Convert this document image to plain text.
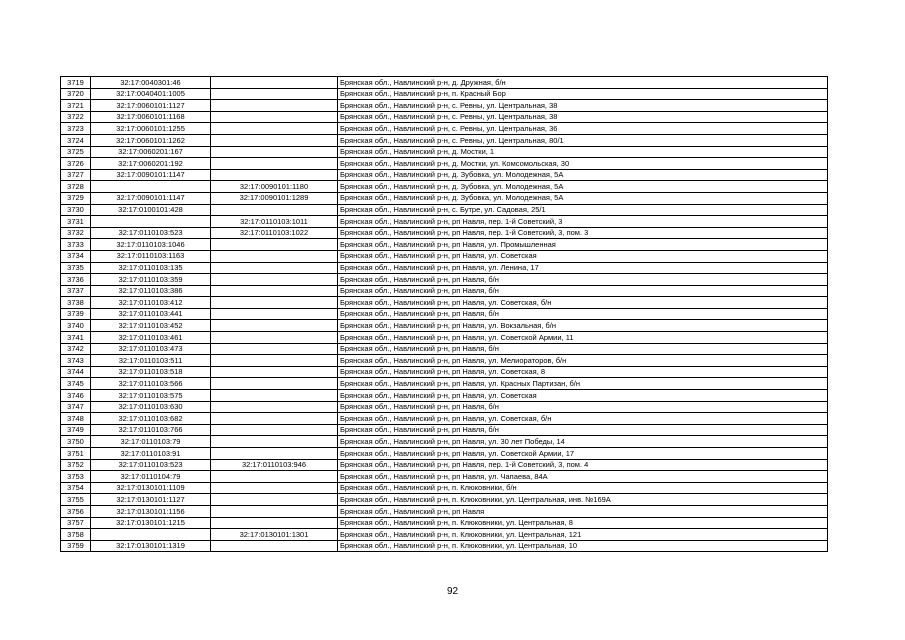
3719	32:17:0040301:46		Брянская обл., Навлинский р-н, д. Дружная, б/н
3720	32:17:0040401:1005		Брянская обл., Навлинский р-н, п. Красный Бор
3721	32:17:0060101:1127		Брянская обл., Навлинский р-н, с. Ревны, ул. Центральная, 38
3722	32:17:0060101:1168		Брянская обл., Навлинский р-н, с. Ревны, ул. Центральная, 38
3723	32:17:0060101:1255		Брянская обл., Навлинский р-н, с. Ревны, ул. Центральная, 36
3724	32:17:0060101:1262		Брянская обл., Навлинский р-н, с. Ревны, ул. Центральная, 80/1
3725	32:17:0060201:167		Брянская обл., Навлинский р-н, д. Мостки, 1
3726	32:17:0060201:192		Брянская обл., Навлинский р-н, д. Мостки, ул. Комсомольская, 30
3727	32:17:0090101:1147		Брянская обл., Навлинский р-н, д. Зубовка, ул. Молодежная, 5А
3728		32:17:0090101:1180	Брянская обл., Навлинский р-н, д. Зубовка, ул. Молодежная, 5А
3729	32:17:0090101:1147	32:17:0090101:1289	Брянская обл., Навлинский р-н, д. Зубовка, ул. Молодежная, 5А
3730	32:17:0100101:428		Брянская обл., Навлинский р-н, с. Бутре, ул. Садовая, 25/1
3731		32:17:0110103:1011	Брянская обл., Навлинский р-н, рп Навля, пер. 1-й Советский, 3
3732	32:17:0110103:523	32:17:0110103:1022	Брянская обл., Навлинский р-н, рп Навля, пер. 1-й Советский, 3, пом. 3
3733	32:17:0110103:1046		Брянская обл., Навлинский р-н, рп Навля, ул. Промышленная
3734	32:17:0110103:1163		Брянская обл., Навлинский р-н, рп Навля, ул. Советская
3735	32:17:0110103:135		Брянская обл., Навлинский р-н, рп Навля, ул. Ленина, 17
3736	32:17:0110103:359		Брянская обл., Навлинский р-н, рп Навля, б/н
3737	32:17:0110103:386		Брянская обл., Навлинский р-н, рп Навля, б/н
3738	32:17:0110103:412		Брянская обл., Навлинский р-н, рп Навля, ул. Советская, б/н
3739	32:17:0110103:441		Брянская обл., Навлинский р-н, рп Навля, б/н
3740	32:17:0110103:452		Брянская обл., Навлинский р-н, рп Навля, ул. Вокзальная, б/н
3741	32:17:0110103:461		Брянская обл., Навлинский р-н, рп Навля, ул. Советской Армии, 11
3742	32:17:0110103:473		Брянская обл., Навлинский р-н, рп Навля, б/н
3743	32:17:0110103:511		Брянская обл., Навлинский р-н, рп Навля, ул. Мелиораторов, б/н
3744	32:17:0110103:518		Брянская обл., Навлинский р-н, рп Навля, ул. Советская, 8
3745	32:17:0110103:566		Брянская обл., Навлинский р-н, рп Навля, ул. Красных Партизан, б/н
3746	32:17:0110103:575		Брянская обл., Навлинский р-н, рп Навля, ул. Советская
3747	32:17:0110103:630		Брянская обл., Навлинский р-н, рп Навля, б/н
3748	32:17:0110103:682		Брянская обл., Навлинский р-н, рп Навля, ул. Советская, б/н
3749	32:17:0110103:766		Брянская обл., Навлинский р-н, рп Навля, б/н
3750	32:17:0110103:79		Брянская обл., Навлинский р-н, рп Навля, ул. 30 лет Победы, 14
3751	32:17:0110103:91		Брянская обл., Навлинский р-н, рп Навля, ул. Советской Армии, 17
3752	32:17:0110103:523	32:17:0110103:946	Брянская обл., Навлинский р-н, рп Навля, пер. 1-й Советский, 3, пом. 4
3753	32:17:0110104:79		Брянская обл., Навлинский р-н, рп Навля, ул. Чапаева, 84А
3754	32:17:0130101:1109		Брянская обл., Навлинский р-н, п. Клюковники, б/н
3755	32:17:0130101:1127		Брянская обл., Навлинский р-н, п. Клюковники, ул. Центральная, инв. №169А
3756	32:17:0130101:1156		Брянская обл., Навлинский р-н, рп Навля
3757	32:17:0130101:1215		Брянская обл., Навлинский р-н, п. Клюковники, ул. Центральная, 8
3758		32:17:0130101:1301	Брянская обл., Навлинский р-н, п. Клюковники, ул. Центральная, 121
3759	32:17:0130101:1319		Брянская обл., Навлинский р-н, п. Клюковники, ул. Центральная, 10
92
